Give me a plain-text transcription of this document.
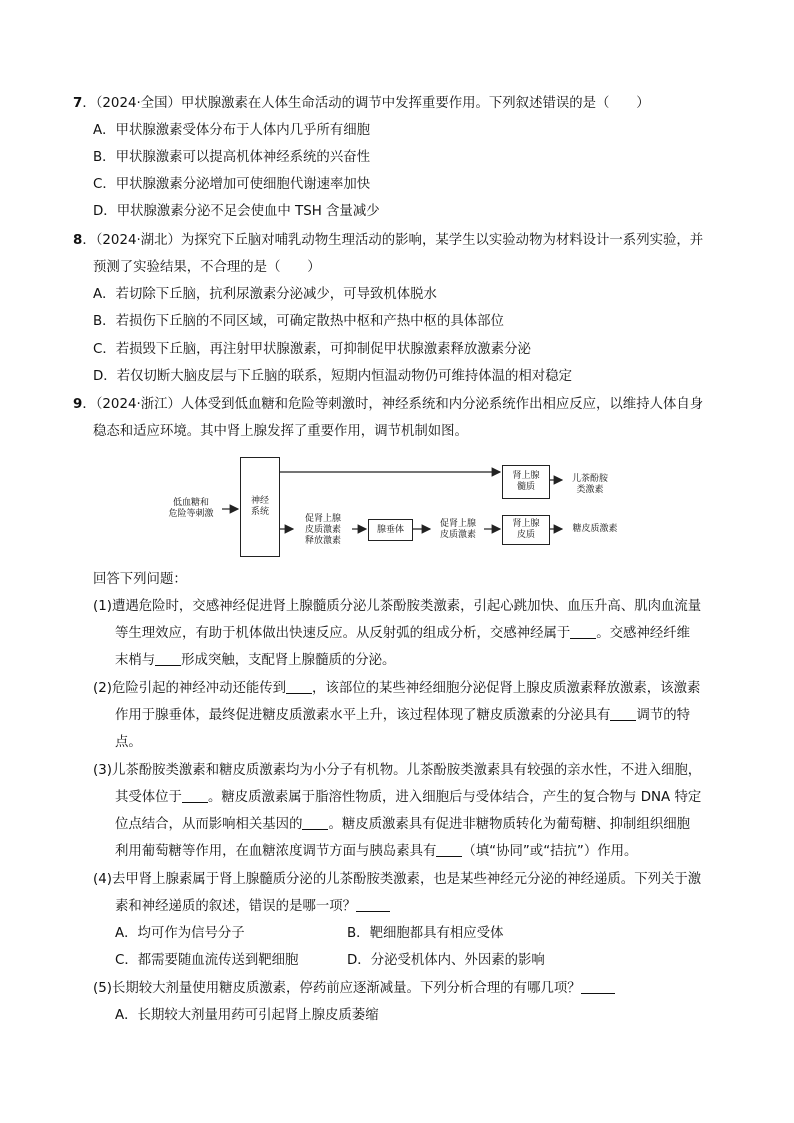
7．（2024·全国）甲状腺激素在人体生命活动的调节中发挥重要作用。下列叙述错误的是（　　）
A．甲状腺激素受体分布于人体内几乎所有细胞
B．甲状腺激素可以提高机体神经系统的兴奋性
C．甲状腺激素分泌增加可使细胞代谢速率加快
D．甲状腺激素分泌不足会使血中 TSH 含量减少
8．（2024·湖北）为探究下丘脑对哺乳动物生理活动的影响，某学生以实验动物为材料设计一系列实验，并
预测了实验结果，不合理的是（　　）
A．若切除下丘脑，抗利尿激素分泌减少，可导致机体脱水
B．若损伤下丘脑的不同区域，可确定散热中枢和产热中枢的具体部位
C．若损毁下丘脑，再注射甲状腺激素，可抑制促甲状腺激素释放激素分泌
D．若仅切断大脑皮层与下丘脑的联系，短期内恒温动物仍可维持体温的相对稳定
9．（2024·浙江）人体受到低血糖和危险等刺激时，神经系统和内分泌系统作出相应反应，以维持人体自身
稳态和适应环境。其中肾上腺发挥了重要作用，调节机制如图。
低血糖和
危险等刺激
神经
系统
肾上腺
髓质
儿茶酚胺
类激素
促肾上腺
皮质激素
释放激素
腺垂体
促肾上腺
皮质激素
肾上腺
皮质
糖皮质激素
回答下列问题：
(1)遭遇危险时，交感神经促进肾上腺髓质分泌儿茶酚胺类激素，引起心跳加快、血压升高、肌肉血流量
等生理效应，有助于机体做出快速反应。从反射弧的组成分析，交感神经属于 。交感神经纤维
末梢与 形成突触，支配肾上腺髓质的分泌。
(2)危险引起的神经冲动还能传到 ，该部位的某些神经细胞分泌促肾上腺皮质激素释放激素，该激素
作用于腺垂体，最终促进糖皮质激素水平上升，该过程体现了糖皮质激素的分泌具有 调节的特
点。
(3)儿茶酚胺类激素和糖皮质激素均为小分子有机物。儿茶酚胺类激素具有较强的亲水性，不进入细胞，
其受体位于 。糖皮质激素属于脂溶性物质，进入细胞后与受体结合，产生的复合物与 DNA 特定
位点结合，从而影响相关基因的 。糖皮质激素具有促进非糖物质转化为葡萄糖、抑制组织细胞
利用葡萄糖等作用，在血糖浓度调节方面与胰岛素具有 （填“协同”或“拮抗”）作用。
(4)去甲肾上腺素属于肾上腺髓质分泌的儿茶酚胺类激素，也是某些神经元分泌的神经递质。下列关于激
素和神经递质的叙述，错误的是哪一项？
A．均可作为信号分子	B．靶细胞都具有相应受体
C．都需要随血流传送到靶细胞	D．分泌受机体内、外因素的影响
(5)长期较大剂量使用糖皮质激素，停药前应逐渐减量。下列分析合理的有哪几项？
A．长期较大剂量用药可引起肾上腺皮质萎缩
